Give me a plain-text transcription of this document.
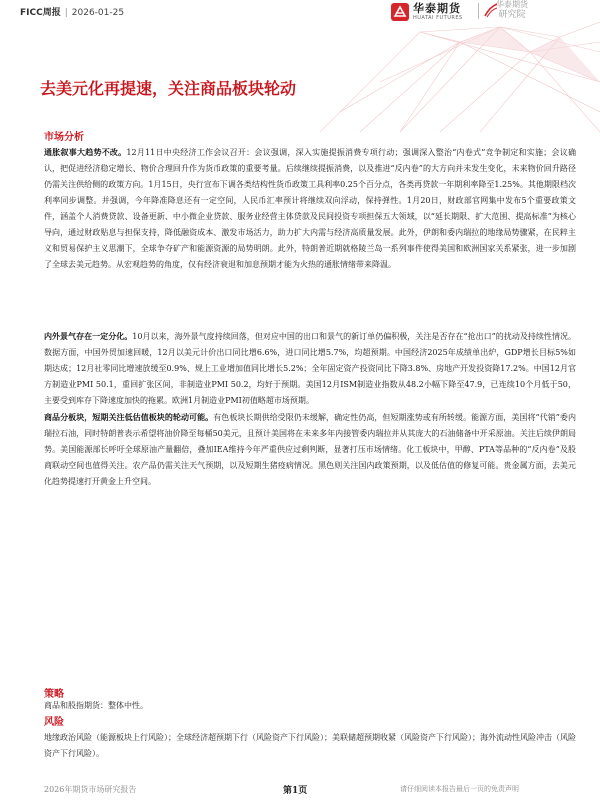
FICC周报 | 2026-01-25	华泰期货
HUATAI FUTURES
华泰期货
研究院
去美元化再提速，关注商品板块轮动
市场分析
通胀叙事大趋势不改。12月11日中央经济工作会议召开：会议强调，深入实施提振消费专项行动；强调深入整治“内卷式”竞争制定和实施；会议确认，把促进经济稳定增长、物价合理回升作为货币政策的重要考量。后续继续提振消费，以及推进“反内卷”的大方向并未发生变化，未来物价回升路径仍需关注供给侧的政策方向。1月15日，央行宣布下调各类结构性货币政策工具利率0.25个百分点，各类再贷款一年期利率降至1.25%。其他期限档次利率同步调整。并强调，今年降准降息还有一定空间，人民币汇率预计将继续双向浮动，保持弹性。1月20日，财政部官网集中发布5个重要政策文件，涵盖个人消费贷款、设备更新、中小微企业贷款、服务业经营主体贷款及民间投资专项担保五大领域，以“延长期限、扩大范围、提高标准”为核心导向，通过财政贴息与担保支持，降低融资成本、激发市场活力，助力扩大内需与经济高质量发展。此外，伊朗和委内瑞拉的地缘局势骤紧，在民粹主义和贸易保护主义思潮下，全球争夺矿产和能源资源的局势明朗。此外，特朗普近期就格陵兰岛一系列事件使得美国和欧洲国家关系紧张，进一步加剧了全球去美元趋势。从宏观趋势的角度，仅有经济衰退和加息预期才能为火热的通胀情绪带来降温。
内外景气存在一定分化。10月以来，海外景气度持续回落，但对应中国的出口和景气的新订单仍偏积极，关注是否存在“抢出口”的扰动及持续性情况。数据方面，中国外贸加速回暖，12月以美元计价出口同比增6.6%，进口同比增5.7%，均超预期。中国经济2025年成绩单出炉，GDP增长目标5%如期达成；12月社零同比增速放缓至0.9%、规上工业增加值同比增长5.2%；全年固定资产投资同比下降3.8%、房地产开发投资降17.2%。中国12月官方制造业PMI 50.1，重回扩张区间，非制造业PMI 50.2，均好于预期。美国12月ISM制造业指数从48.2小幅下降至47.9，已连续10个月低于50，主要受到库存下降速度加快的拖累。欧洲1月制造业PMI初值略超市场预期。
商品分板块，短期关注低估值板块的轮动可能。有色板块长期供给受限仍未缓解，确定性仍高，但短期涨势或有所转缓。能源方面，美国将“代销”委内瑞拉石油，同时特朗普表示希望将油价降至每桶50美元，且预计美国将在未来多年内接管委内瑞拉并从其庞大的石油储备中开采原油。关注后续伊朗局势。美国能源部长呼吁全球原油产量翻倍，叠加IEA维持今年严重供应过剩判断，显著打压市场情绪。化工板块中，甲醇、PTA等品种的“反内卷”及股商联动空间也值得关注。农产品仍需关注天气预期，以及短期生猪疫病情况。黑色则关注国内政策预期，以及低估值的修复可能。贵金属方面，去美元化趋势提速打开黄金上升空间。
策略
商品和股指期货：整体中性。
风险
地缘政治风险（能源板块上行风险）；全球经济超预期下行（风险资产下行风险）；美联储超预期收紧（风险资产下行风险）；海外流动性风险冲击（风险资产下行风险）。
2026年期货市场研究报告	第1页	请仔细阅读本报告最后一页的免责声明
